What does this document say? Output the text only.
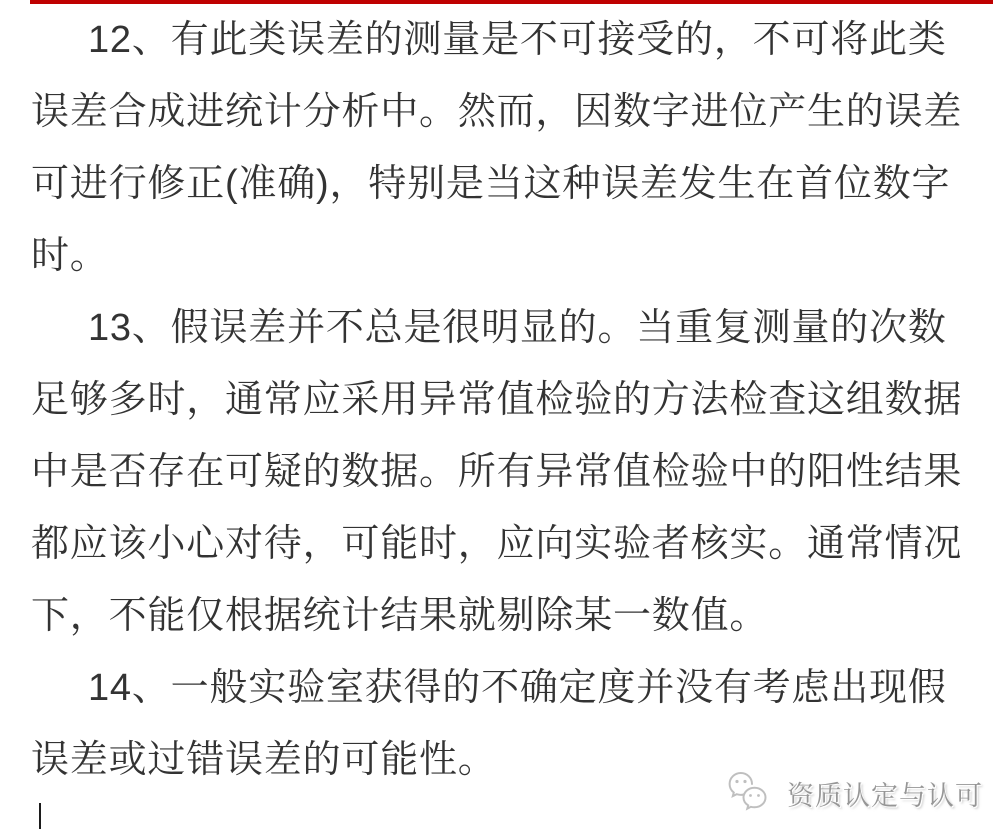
12、有此类误差的测量是不可接受的，不可将此类
误差合成进统计分析中。然而，因数字进位产生的误差
可进行修正(准确)，特别是当这种误差发生在首位数字
时。
13、假误差并不总是很明显的。当重复测量的次数
足够多时，通常应采用异常值检验的方法检查这组数据
中是否存在可疑的数据。所有异常值检验中的阳性结果
都应该小心对待，可能时，应向实验者核实。通常情况
下，不能仅根据统计结果就剔除某一数值。
14、一般实验室获得的不确定度并没有考虑出现假
误差或过错误差的可能性。
资质认定与认可
